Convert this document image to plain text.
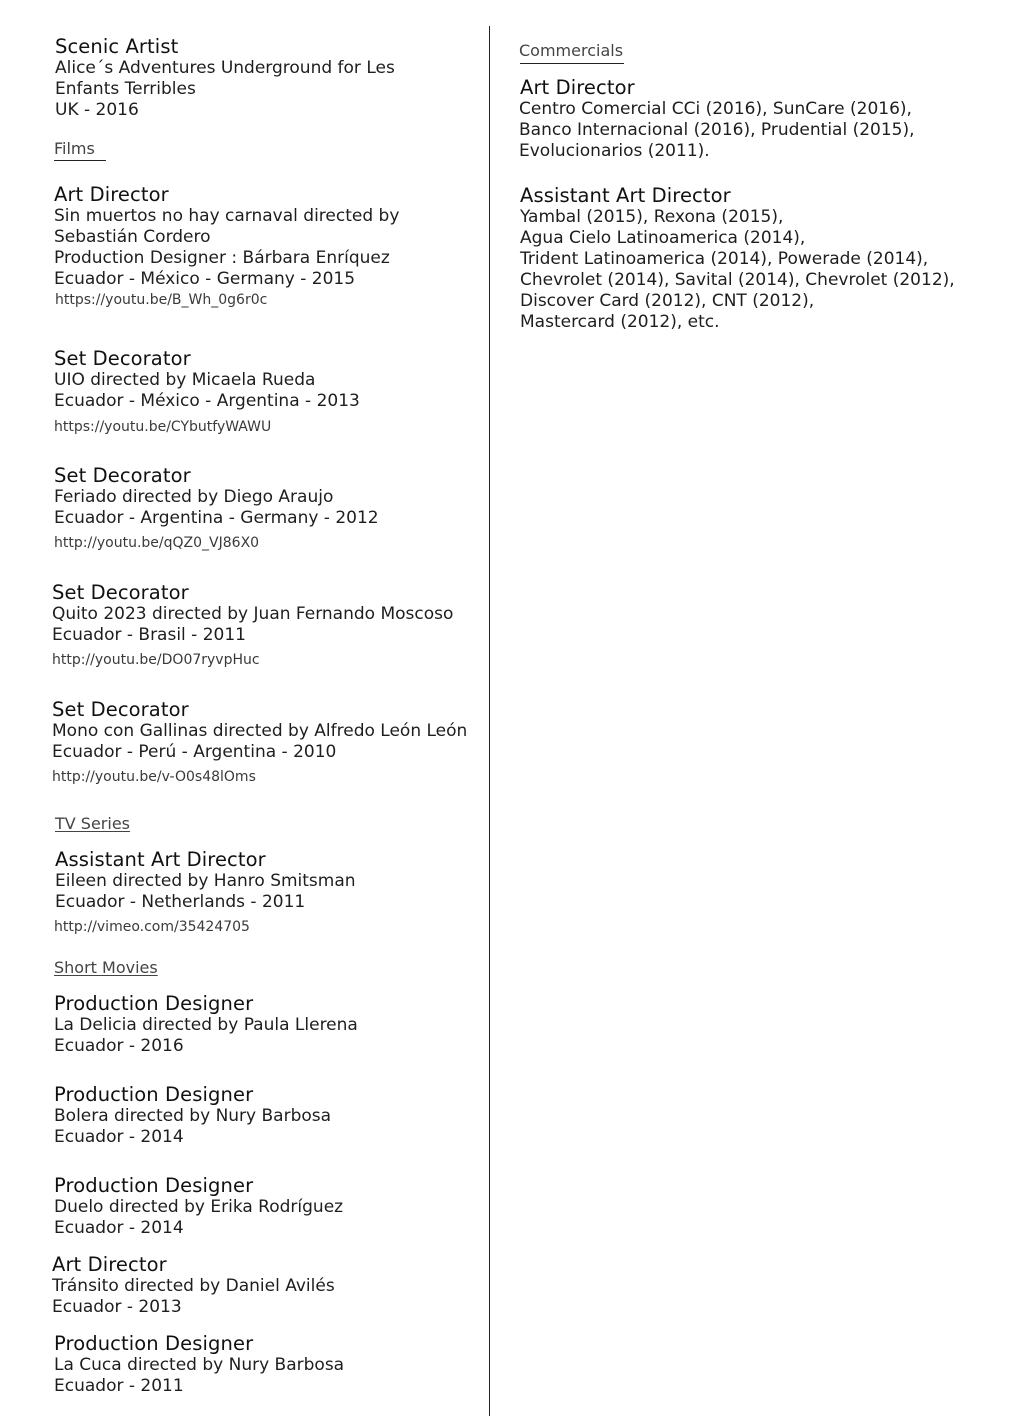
Scenic Artist
Alice´s Adventures Underground for Les
Enfants Terribles
UK - 2016
Films
Art Director
Sin muertos no hay carnaval directed by
Sebastián Cordero
Production Designer : Bárbara Enríquez
Ecuador - México - Germany - 2015
https://youtu.be/B_Wh_0g6r0c
Set Decorator
UIO directed by Micaela Rueda
Ecuador - México - Argentina - 2013
https://youtu.be/CYbutfyWAWU
Set Decorator
Feriado directed by Diego Araujo
Ecuador - Argentina - Germany - 2012
http://youtu.be/qQZ0_VJ86X0
Set Decorator
Quito 2023 directed by Juan Fernando Moscoso
Ecuador - Brasil - 2011
http://youtu.be/DO07ryvpHuc
Set Decorator
Mono con Gallinas directed by Alfredo León León
Ecuador - Perú - Argentina - 2010
http://youtu.be/v-O0s48lOms
TV Series
Assistant Art Director
Eileen directed by Hanro Smitsman
Ecuador - Netherlands - 2011
http://vimeo.com/35424705
Short Movies
Production Designer
La Delicia directed by Paula Llerena
Ecuador - 2016
Production Designer
Bolera directed by Nury Barbosa
Ecuador - 2014
Production Designer
Duelo directed by Erika Rodríguez
Ecuador - 2014
Art Director
Tránsito directed by Daniel Avilés
Ecuador - 2013
Production Designer
La Cuca directed by Nury Barbosa
Ecuador - 2011
Commercials
Art Director
Centro Comercial CCi (2016), SunCare (2016),
Banco Internacional (2016), Prudential (2015),
Evolucionarios (2011).
Assistant Art Director
Yambal (2015), Rexona (2015),
Agua Cielo Latinoamerica (2014),
Trident Latinoamerica (2014), Powerade (2014),
Chevrolet (2014), Savital (2014), Chevrolet (2012),
Discover Card (2012), CNT (2012),
Mastercard (2012), etc.
